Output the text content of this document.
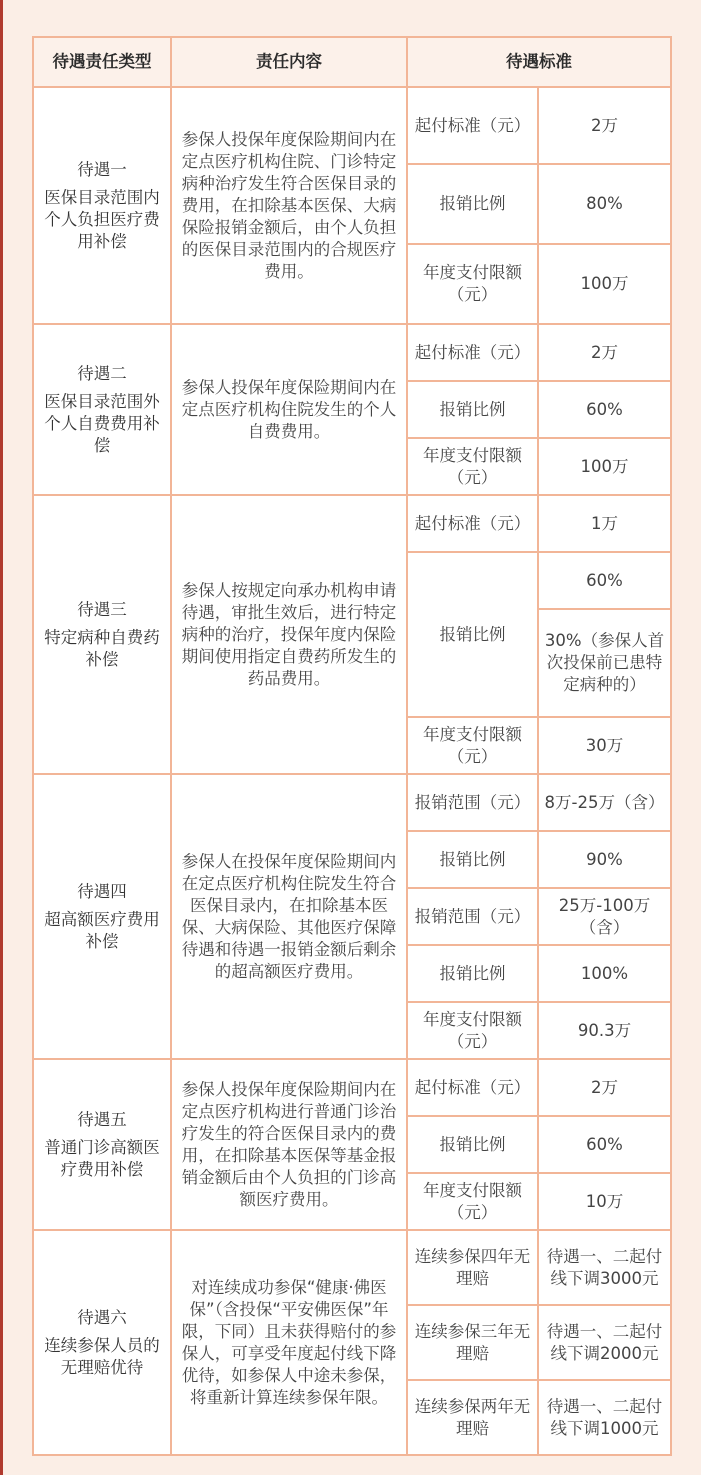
待遇责任类型	责任内容	待遇标准	

待遇一
医保目录范围内个人负担医疗费用补偿	参保人投保年度保险期间内在定点医疗机构住院、门诊特定病种治疗发生符合医保目录的费用，在扣除基本医保、大病保险报销金额后，由个人负担的医保目录范围内的合规医疗费用。	起付标准（元）	2万
		报销比例	80%
		年度支付限额（元）	100万

待遇二
医保目录范围外个人自费费用补偿	参保人投保年度保险期间内在定点医疗机构住院发生的个人自费费用。	起付标准（元）	2万
		报销比例	60%
		年度支付限额（元）	100万

待遇三
特定病种自费药补偿	参保人按规定向承办机构申请待遇，审批生效后，进行特定病种的治疗，投保年度内保险期间使用指定自费药所发生的药品费用。	起付标准（元）	1万
		报销比例	60%
			30%（参保人首次投保前已患特定病种的）
		年度支付限额（元）	30万

待遇四
超高额医疗费用补偿	参保人在投保年度保险期间内在定点医疗机构住院发生符合医保目录内，在扣除基本医保、大病保险、其他医疗保障待遇和待遇一报销金额后剩余的超高额医疗费用。	报销范围（元）	8万-25万（含）
		报销比例	90%
		报销范围（元）	25万-100万（含）
		报销比例	100%
		年度支付限额（元）	90.3万

待遇五
普通门诊高额医疗费用补偿	参保人投保年度保险期间内在定点医疗机构进行普通门诊治疗发生的符合医保目录内的费用，在扣除基本医保等基金报销金额后由个人负担的门诊高额医疗费用。	起付标准（元）	2万
		报销比例	60%
		年度支付限额（元）	10万

待遇六
连续参保人员的无理赔优待	对连续成功参保“健康·佛医保”（含投保“平安佛医保”年限，下同）且未获得赔付的参保人，可享受年度起付线下降优待，如参保人中途未参保，将重新计算连续参保年限。	连续参保四年无理赔	待遇一、二起付线下调3000元
		连续参保三年无理赔	待遇一、二起付线下调2000元
		连续参保两年无理赔	待遇一、二起付线下调1000元
